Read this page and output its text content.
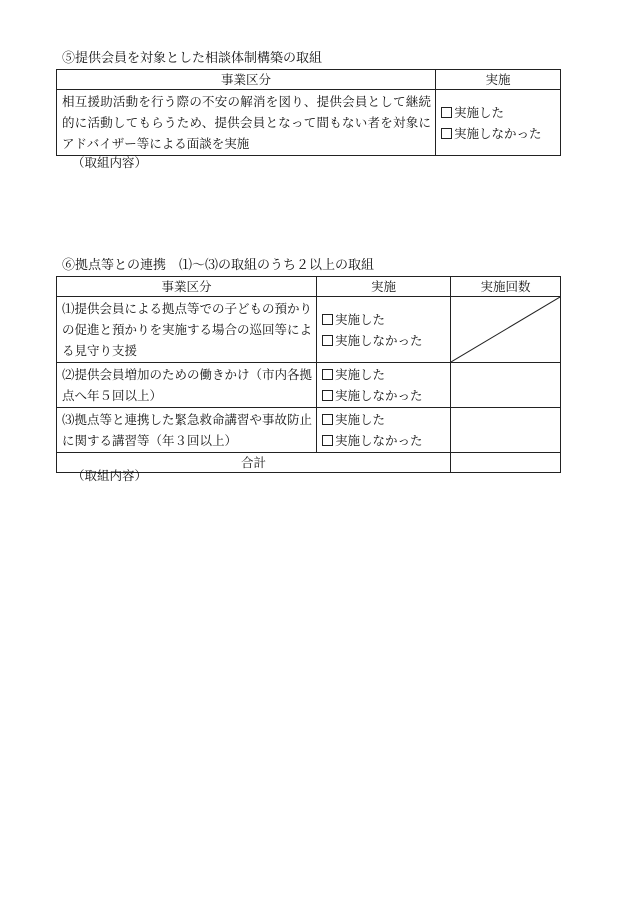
⑤提供会員を対象とした相談体制構築の取組
事業区分	実施
相互援助活動を行う際の不安の解消を図り、提供会員として継続的に活動してもらうため、提供会員となって間もない者を対象にアドバイザー等による面談を実施	実施した
実施しなかった
（取組内容）
⑥拠点等との連携　⑴～⑶の取組のうち２以上の取組
事業区分	実施	実施回数
⑴提供会員による拠点等での子どもの預かりの促進と預かりを実施する場合の巡回等による見守り支援	実施した
実施しなかった

⑵提供会員増加のための働きかけ（市内各拠点へ年５回以上）	実施した
実施しなかった	

⑶拠点等と連携した緊急救命講習や事故防止に関する講習等（年３回以上）	実施した
実施しなかった	

合計		
（取組内容）
